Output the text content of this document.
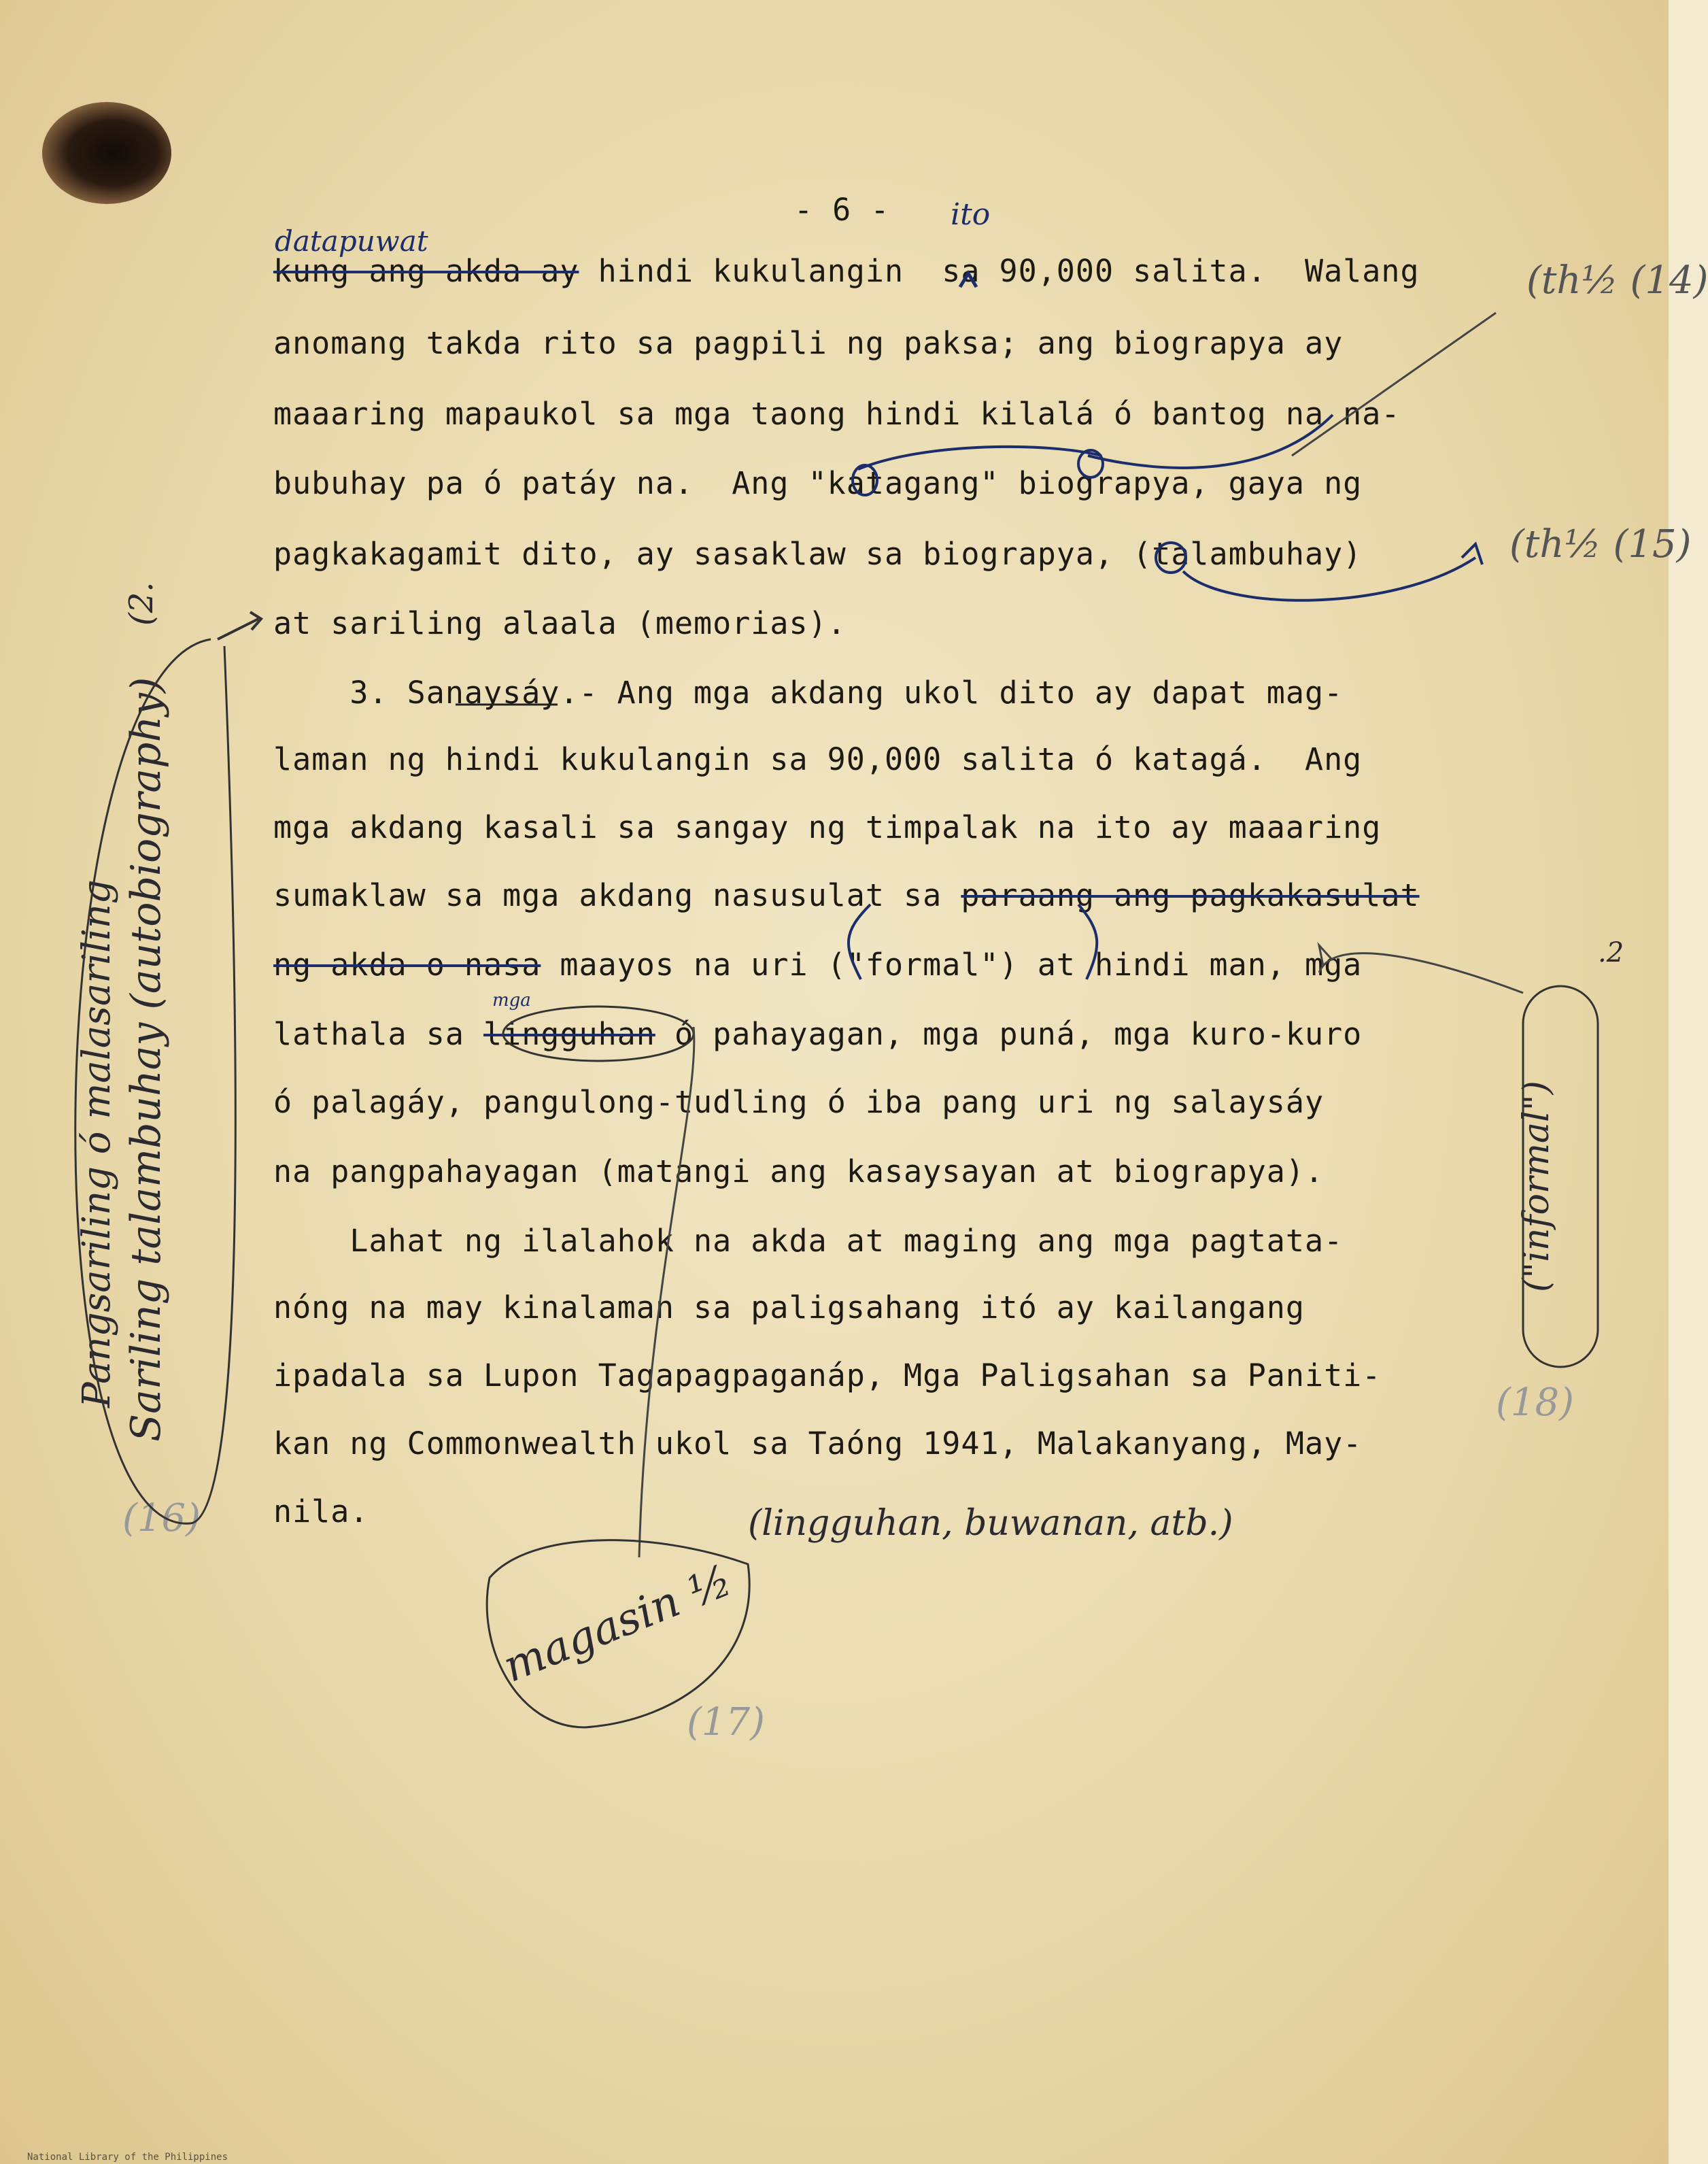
- 6 -
kung ang akda ay hindi kukulangin  sa 90,000 salita.  Walang
anomang takda rito sa pagpili ng paksa; ang biograpya ay
maaaring mapaukol sa mga taong hindi kilalá ó bantog na na-
bubuhay pa ó patáy na.  Ang "katagang" biograpya, gaya ng
pagkakagamit dito, ay sasaklaw sa biograpya, (talambuhay)
at sariling alaala (memorias).
3. Sanaysáy.- Ang mga akdang ukol dito ay dapat mag-
laman ng hindi kukulangin sa 90,000 salita ó katagá.  Ang
mga akdang kasali sa sangay ng timpalak na ito ay maaaring
sumaklaw sa mga akdang nasusulat sa paraang ang pagkakasulat
ng akda o nasa maayos na uri ("formal") at hindi man, mga
lathala sa lingguhan ó pahayagan, mga puná, mga kuro-kuro
ó palagáy, pangulong-tudling ó iba pang uri ng salaysáy
na pangpahayagan (matangi ang kasaysayan at biograpya).
Lahat ng ilalahok na akda at maging ang mga pagtata-
nóng na may kinalaman sa paligsahang itó ay kailangang
ipadala sa Lupon Tagapagpaganáp, Mga Paligsahan sa Paniti-
kan ng Commonwealth ukol sa Taóng 1941, Malakanyang, May-
nila.
datapuwat
ito
mga
(th½ (14)
(th½ (15)
("informal")
.2
(2.
Pangsariling ó malasariling Sariling talambuhay (autobiography)
magasin ½
(lingguhan, buwanan, atb.)
(18)
(16)
(17)
National Library of the Philippines
